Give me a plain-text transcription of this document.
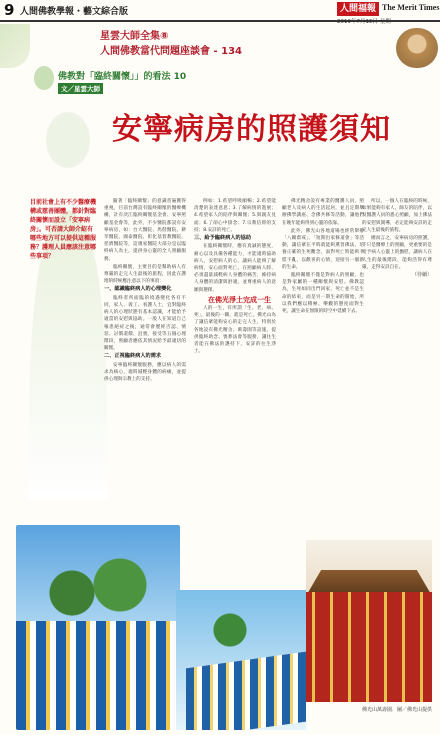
9 人間佛教學報・藝文綜合版	人間福報 The Merit Times
2019年7月15日 星期一
星雲大師全集⑧
人間佛教當代問題座談會 - 134
佛教對「臨終關懷」」的看法 10
文／星雲大師
安寧病房的照護須知
目前社會上有不少醫療機構或慈善團體，都針對臨終關懷而設立「安寧病房」。可否請大師介紹有哪些地方可以提供這種服務？護理人員應該注意哪些事項？

隨著「臨終關懷」的意識普遍獲得重視，目前台灣設有臨終關懷的醫療機構，計有淡江臨終關懷基金會、安寧照顧基金會等，此外，不少醫院都設有安寧病房，如：台大醫院、馬偕醫院、耕莘醫院、國泰醫院、彰化基督教醫院、慈濟醫院等，這幾家醫院大部分是以臨終病人為主，提供身心靈的全人照顧服務。

臨終關懷，主要目的是幫助病人有尊嚴的走完人生最後的旅程，因此在護理的時候應注意以下的事項：

一、認識臨終病人的心理變化

臨終者所面臨的境遇變化各有不同，家人、義工、看護人士，宜對臨終病人的心理狀態有基本認識，才能給予適當的安慰與協助。一般人在知道自己罹患絕症之後，通常會歷經否認、憤怒、討價還價、沮喪、接受等五個心理階段，照顧者應依其情況給予最適切的關懷。

二、正視臨終病人的需求

安寧臨終關懷服務，應以病人的需求為核心，適時減輕身體的病痛，並提供心理與宗教上的支持。

例如：1.希望呼吸順暢；2.希望能清楚的表達意思；3.了解病情的進展；4.希望家人的陪伴與關懷；5.與親友見面；6.了卻心中掛念；7.宗教信仰的支持；8.安詳的死亡。

三、給予臨終病人的協助

在臨終關懷時，應有真誠的態度，耐心以及具備各種能力，才能適時協助病人，安慰病人的心，讓病人能夠了解病情，安心面對死亡。在照顧病人時，必須盡量減輕病人身體的痛苦，維持病人身體的清潔與舒適，並尊重病人的意願與選擇。

在佛光淨土完成一生

人的一生，有所謂「生、老、病、死」，最後的一關，就是死亡。佛光山為了讓信眾能夠安心的走完人生，特別於各地設有佛光精舍、萬壽園等設施，提供臨終助念、喪葬法會等服務，讓往生者能在佛法的護持下，安詳的往生淨土。

佛光精舍設有專業的醫護人員，照顧老人及病人的生活起居，並且定期舉辦佛學講座、念佛共修等活動，讓他們在晚年能夠得到心靈的依靠。

此外，佛光山各地道場也經常舉辦「八關齋戒」、「短期出家修道會」等活動，讓信眾在平時就能夠熏習佛法，培養正確的生死觀念，面對死亡時能夠不慌不亂，以歡喜的心情，迎接另一個新的生命。

臨終關懷不僅是對病人的照顧，也是對家屬的一種關懷與安慰。佛教認為，生死如同出門回家，死亡並不是生命的結束，而是另一期生命的開始，所以我們應以積極、樂觀的態度面對生死，讓生命在無限的時空中延續下去。

所以，一個人在臨終的時候，如果能夠有家人、師友的陪伴，以及醫護人員的悉心照顧，加上佛法的安慰與開導，必定能夠安詳的走完人生最後的旅程。

總而言之，安寧病房的照護，不只是醫療上的照顧，更重要的是給予病人心靈上的撫慰，讓病人在人生的最後階段，能夠活得有尊嚴，走得安詳自在。

（待續）

佛光山萬壽園．圖／佛光山提供
